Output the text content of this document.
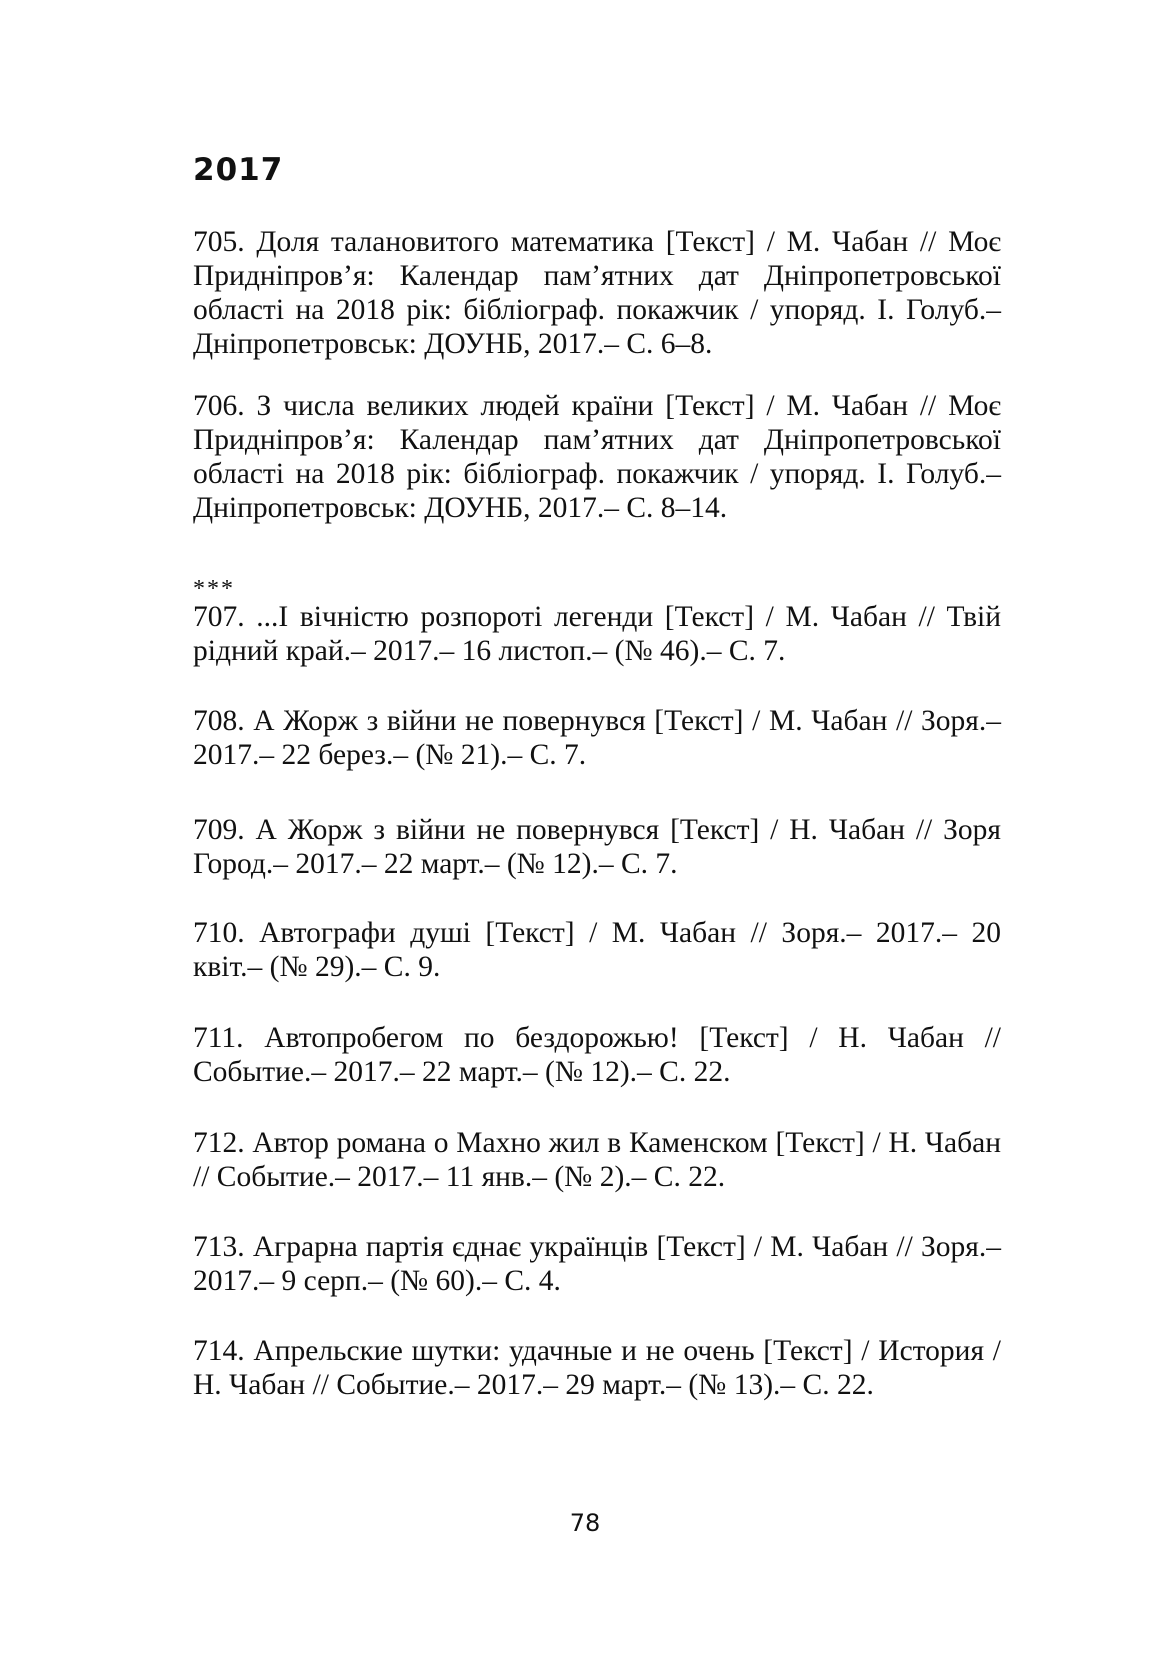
2017

705. Доля талановитого математика [Текст] / М. Чабан // Моє Придніпров’я: Календар пам’ятних дат Дніпропетровської області на 2018 рік: бібліограф. покажчик / упоряд. І. Голуб.– Дніпропетровськ: ДОУНБ, 2017.– С. 6–8.

706. З числа великих людей країни [Текст] / М. Чабан // Моє Придніпров’я: Календар пам’ятних дат Дніпропетровської області на 2018 рік: бібліограф. покажчик / упоряд. І. Голуб.– Дніпропетровськ: ДОУНБ, 2017.– С. 8–14.

***

707. ...І вічністю розпороті легенди [Текст] / М. Чабан // Твій рідний край.– 2017.– 16 листоп.– (№ 46).– С. 7.

708. А Жорж з війни не повернувся [Текст] / М. Чабан // Зоря.– 2017.– 22 берез.– (№ 21).– С. 7.

709. А Жорж з війни не повернувся [Текст] / Н. Чабан // Зоря Город.– 2017.– 22 март.– (№ 12).– С. 7.

710. Автографи душі [Текст] / М. Чабан // Зоря.– 2017.– 20 квіт.– (№ 29).– С. 9.

711. Автопробегом по бездорожью! [Текст] / Н. Чабан // Событие.– 2017.– 22 март.– (№ 12).– С. 22.

712. Автор романа о Махно жил в Каменском [Текст] / Н. Чабан // Событие.– 2017.– 11 янв.– (№ 2).– С. 22.

713. Аграрна партія єднає українців [Текст] / М. Чабан // Зоря.– 2017.– 9 серп.– (№ 60).– С. 4.

714. Апрельские шутки: удачные и не очень [Текст] / История / Н. Чабан // Событие.– 2017.– 29 март.– (№ 13).– С. 22.

78
